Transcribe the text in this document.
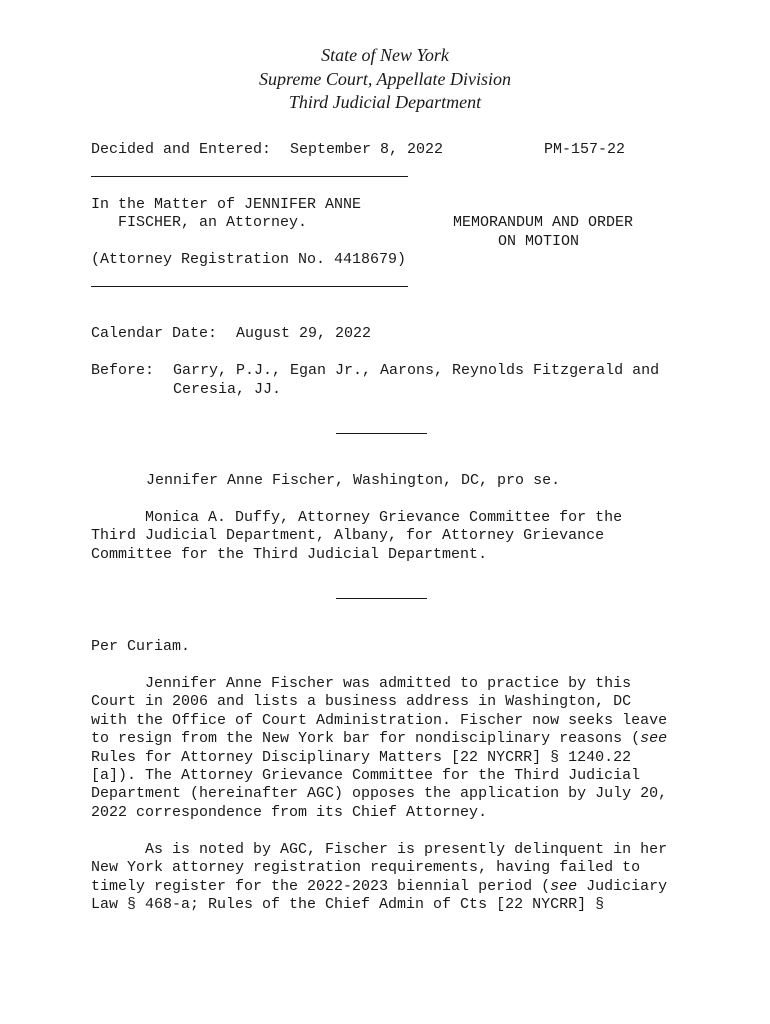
State of New York
Supreme Court, Appellate Division
Third Judicial Department
Decided and Entered: September 8, 2022	PM-157-22
In the Matter of JENNIFER ANNE
FISCHER, an Attorney.
(Attorney Registration No. 4418679)
MEMORANDUM AND ORDER
ON MOTION
Calendar Date: August 29, 2022
Before: Garry, P.J., Egan Jr., Aarons, Reynolds Fitzgerald and
Ceresia, JJ.
Jennifer Anne Fischer, Washington, DC, pro se.
Monica A. Duffy, Attorney Grievance Committee for the
Third Judicial Department, Albany, for Attorney Grievance
Committee for the Third Judicial Department.
Per Curiam.
Jennifer Anne Fischer was admitted to practice by this
Court in 2006 and lists a business address in Washington, DC
with the Office of Court Administration. Fischer now seeks leave
to resign from the New York bar for nondisciplinary reasons (see
Rules for Attorney Disciplinary Matters [22 NYCRR] § 1240.22
[a]). The Attorney Grievance Committee for the Third Judicial
Department (hereinafter AGC) opposes the application by July 20,
2022 correspondence from its Chief Attorney.
As is noted by AGC, Fischer is presently delinquent in her
New York attorney registration requirements, having failed to
timely register for the 2022-2023 biennial period (see Judiciary
Law § 468-a; Rules of the Chief Admin of Cts [22 NYCRR] §
